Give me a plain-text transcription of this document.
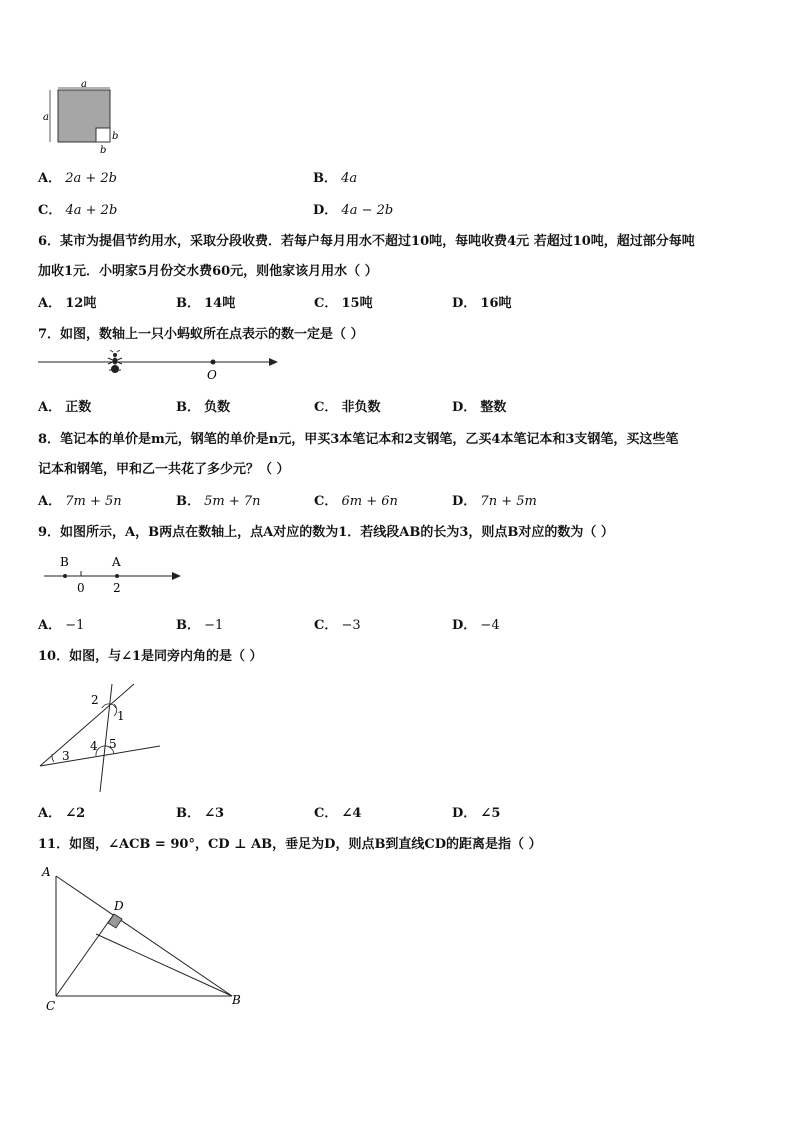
a
a
b
b
A． 2a + 2b	B． 4a
C． 4a + 2b	D． 4a − 2b
6．某市为提倡节约用水，采取分段收费．若每户每月用水不超过10吨，每吨收费4元 若超过10吨，超过部分每吨
加收1元．小明家5月份交水费60元，则他家该月用水（ ）
A． 12吨	B． 14吨	C． 15吨	D． 16吨
7．如图，数轴上一只小蚂蚁所在点表示的数一定是（ ）
O
A． 正数	B． 负数	C． 非负数	D． 整数
8．笔记本的单价是m元，钢笔的单价是n元，甲买3本笔记本和2支钢笔，乙买4本笔记本和3支钢笔，买这些笔
记本和钢笔，甲和乙一共花了多少元？（ ）
A． 7m + 5n	B． 5m + 7n	C． 6m + 6n	D． 7n + 5m
9．如图所示，A，B两点在数轴上，点A对应的数为1．若线段AB的长为3，则点B对应的数为（ ）
B	A
0 2
A． −1	B． −1	C． −3	D． −4
10．如图，与∠1是同旁内角的是（ ）
2
1
3
4 5
A． ∠2	B． ∠3	C． ∠4	D． ∠5
11．如图，∠ACB = 90°，CD ⊥ AB，垂足为D，则点B到直线CD的距离是指（ ）
A
D
C	B
